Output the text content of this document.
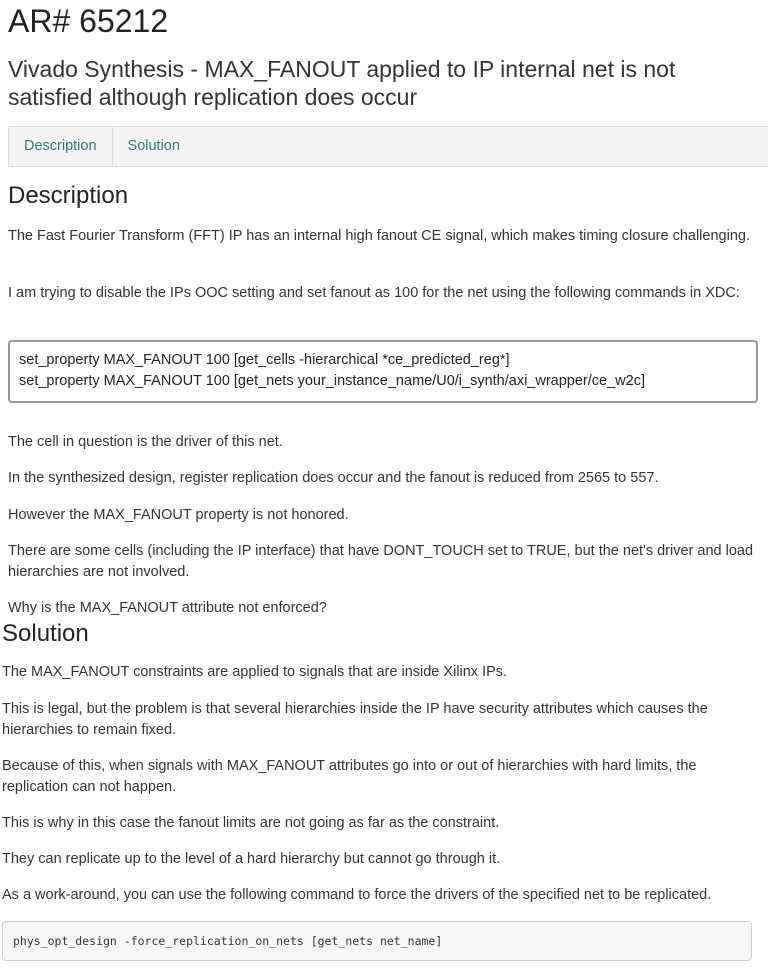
AR# 65212
Vivado Synthesis - MAX_FANOUT applied to IP internal net is not satisfied although replication does occur
Description	Solution
Description

The Fast Fourier Transform (FFT) IP has an internal high fanout CE signal, which makes timing closure challenging.

I am trying to disable the IPs OOC setting and set fanout as 100 for the net using the following commands in XDC:

set_property MAX_FANOUT 100 [get_cells -hierarchical *ce_predicted_reg*]
set_property MAX_FANOUT 100 [get_nets your_instance_name/U0/i_synth/axi_wrapper/ce_w2c]

The cell in question is the driver of this net.

In the synthesized design, register replication does occur and the fanout is reduced from 2565 to 557.

However the MAX_FANOUT property is not honored.

There are some cells (including the IP interface) that have DONT_TOUCH set to TRUE, but the net's driver and load hierarchies are not involved.

Why is the MAX_FANOUT attribute not enforced?

Solution

The MAX_FANOUT constraints are applied to signals that are inside Xilinx IPs.

This is legal, but the problem is that several hierarchies inside the IP have security attributes which causes the hierarchies to remain fixed.

Because of this, when signals with MAX_FANOUT attributes go into or out of hierarchies with hard limits, the replication can not happen.

This is why in this case the fanout limits are not going as far as the constraint.

They can replicate up to the level of a hard hierarchy but cannot go through it.

As a work-around, you can use the following command to force the drivers of the specified net to be replicated.

phys_opt_design -force_replication_on_nets [get_nets net_name]
